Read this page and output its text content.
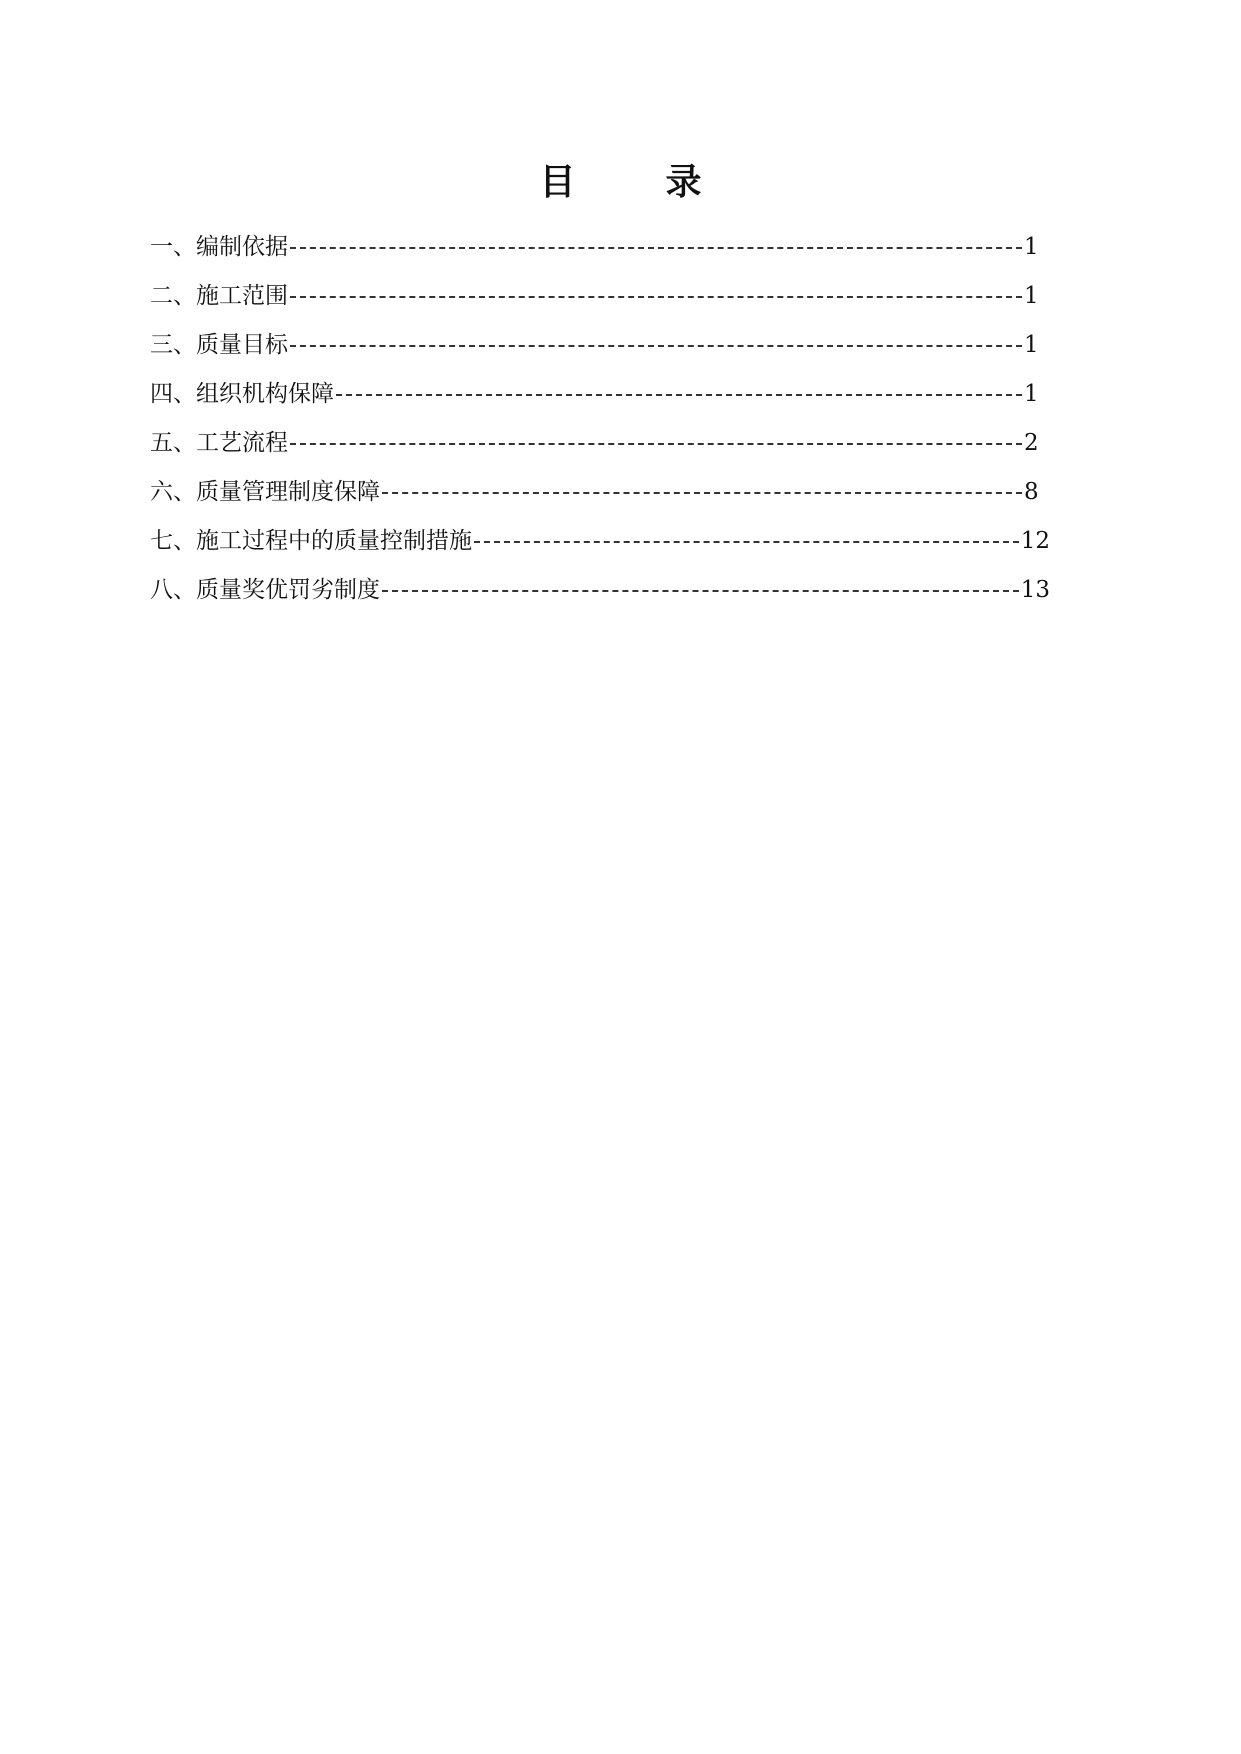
目	录
一、编制依据	1
二、施工范围	1
三、质量目标	1
四、组织机构保障	1
五、工艺流程	2
六、质量管理制度保障	8
七、施工过程中的质量控制措施	12
八、质量奖优罚劣制度	13
